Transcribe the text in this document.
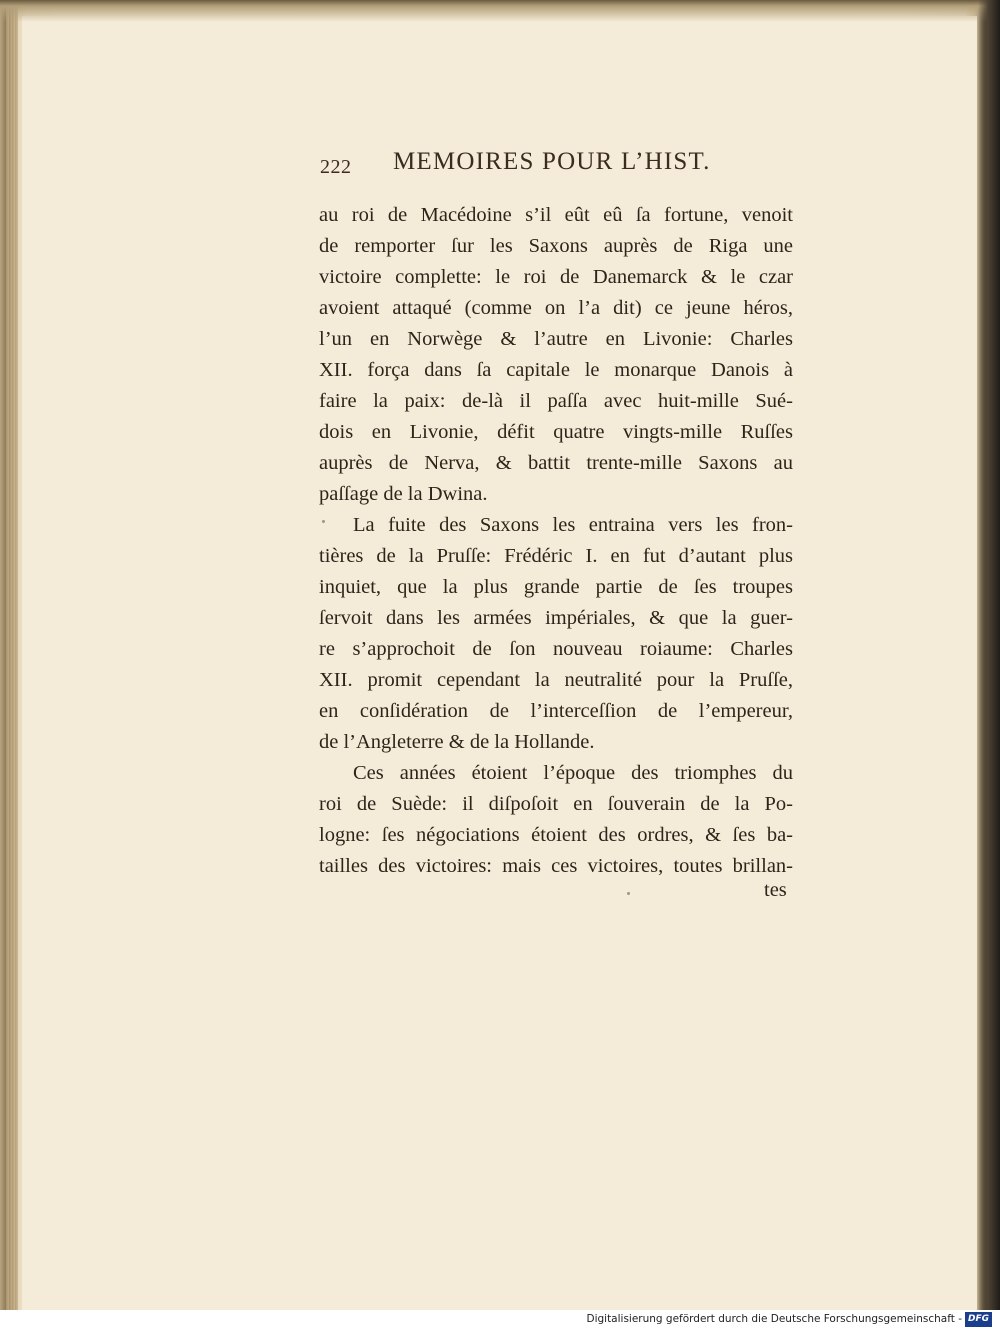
222 MEMOIRES POUR L’HIST.
au roi de Macédoine s’il eût eû ſa fortune, venoit
de remporter ſur les Saxons auprès de Riga une
victoire complette: le roi de Danemarck & le czar
avoient attaqué (comme on l’a dit) ce jeune héros,
l’un en Norwège & l’autre en Livonie: Charles
XII. força dans ſa capitale le monarque Danois à
faire la paix: de-là il paſſa avec huit-mille Sué-
dois en Livonie, défit quatre vingts-mille Ruſſes
auprès de Nerva, & battit trente-mille Saxons au
paſſage de la Dwina.
La fuite des Saxons les entraina vers les fron-
tières de la Pruſſe: Frédéric I. en fut d’autant plus
inquiet, que la plus grande partie de ſes troupes
ſervoit dans les armées impériales, & que la guer-
re s’approchoit de ſon nouveau roiaume: Charles
XII. promit cependant la neutralité pour la Pruſſe,
en conſidération de l’interceſſion de l’empereur,
de l’Angleterre & de la Hollande.
Ces années étoient l’époque des triomphes du
roi de Suède: il diſpoſoit en ſouverain de la Po-
logne: ſes négociations étoient des ordres, & ſes ba-
tailles des victoires: mais ces victoires, toutes brillan-
tes
Digitalisierung gefördert durch die Deutsche Forschungsgemeinschaft - DFG
